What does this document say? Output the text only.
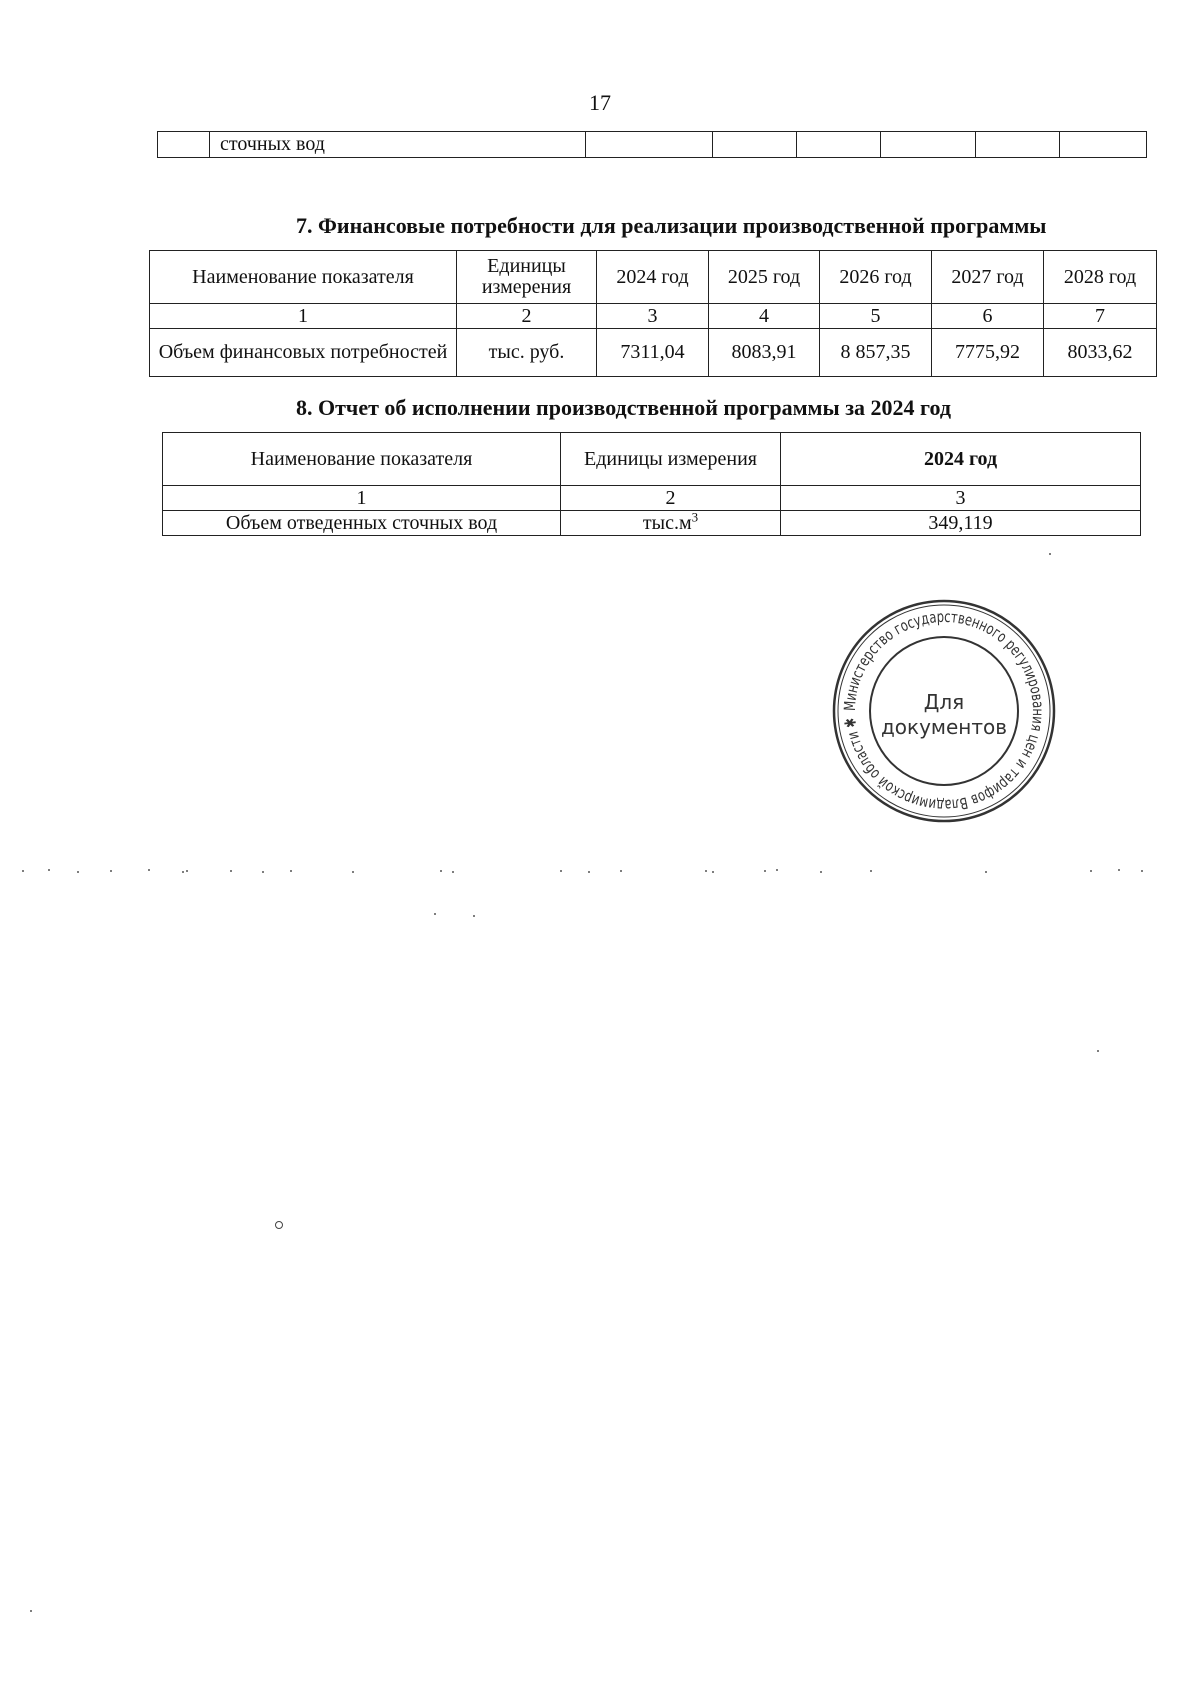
17
	сточных вод						
7. Финансовые потребности для реализации производственной программы
Наименование показателя	Единицы измерения	2024 год	2025 год	2026 год	2027 год	2028 год
1	2	3	4	5	6	7
Объем финансовых потребностей	тыс. руб.	7311,04	8083,91	8 857,35	7775,92	8033,62
8. Отчет об исполнении производственной программы за 2024 год
Наименование показателя	Единицы измерения	2024 год
1	2	3
Объем отведенных сточных вод	$тыс.м^3$	349,119
Министерство государственного регулирования цен и тарифов Владимирской области ✱
Для
документов
